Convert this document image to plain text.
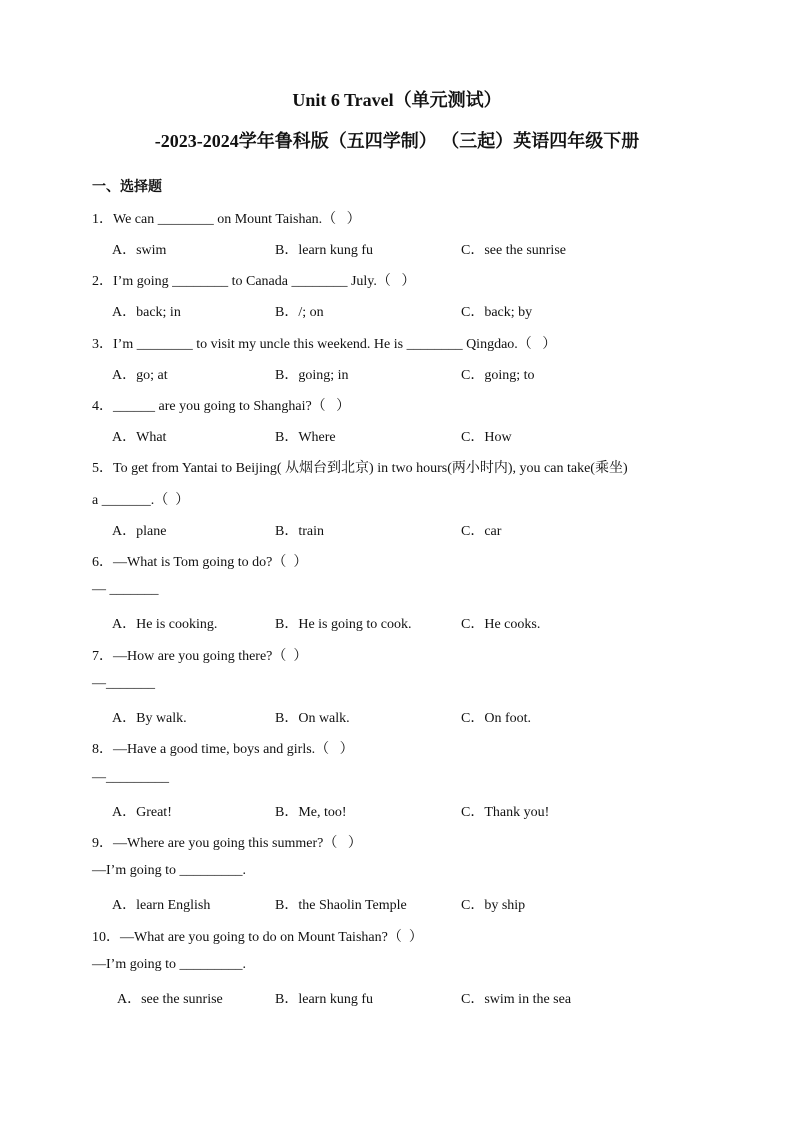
Unit 6 Travel（单元测试）
-2023-2024学年鲁科版（五四学制） （三起）英语四年级下册
一、选择题
1．We can ________ on Mount Taishan.（   ）
A．swim	B．learn kung fu	C．see the sunrise
2．I’m going ________ to Canada ________ July.（   ）
A．back; in	B．/; on	C．back; by
3．I’m ________ to visit my uncle this weekend. He is ________ Qingdao.（   ）
A．go; at	B．going; in	C．going; to
4．______ are you going to Shanghai?（   ）
A．What	B．Where	C．How
5．To get from Yantai to Beijing( 从烟台到北京) in two hours(两小时内), you can take(乘坐)
a _______.（  ）
A．plane	B．train	C．car
6．—What is Tom going to do?（  ）
— _______
A．He is cooking.	B．He is going to cook.	C．He cooks.
7．—How are you going there?（  ）
—_______
A．By walk.	B．On walk.	C．On foot.
8．—Have a good time, boys and girls.（   ）
—_________
A．Great!	B．Me, too!	C．Thank you!
9．—Where are you going this summer?（   ）
—I’m going to _________.
A．learn English	B．the Shaolin Temple	C．by ship
10．—What are you going to do on Mount Taishan?（  ）
—I’m going to _________.
A．see the sunrise	B．learn kung fu	C．swim in the sea
